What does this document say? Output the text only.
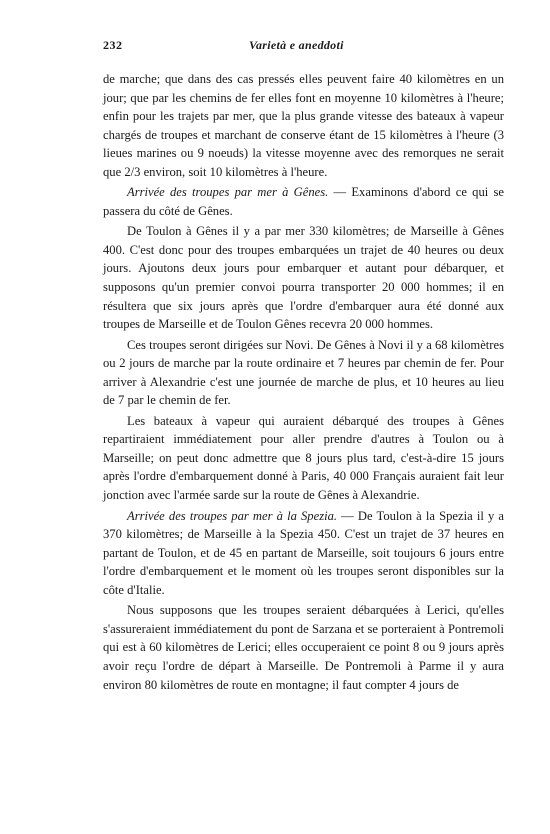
232	Varietà e aneddoti

de marche; que dans des cas pressés elles peuvent faire 40 kilomètres en un jour; que par les chemins de fer elles font en moyenne 10 kilomètres à l'heure; enfin pour les trajets par mer, que la plus grande vitesse des bateaux à vapeur chargés de troupes et marchant de conserve étant de 15 kilomètres à l'heure (3 lieues marines ou 9 noeuds) la vitesse moyenne avec des remorques ne serait que 2/3 environ, soit 10 kilomètres à l'heure.

Arrivée des troupes par mer à Gênes. — Examinons d'abord ce qui se passera du côté de Gênes.

De Toulon à Gênes il y a par mer 330 kilomètres; de Marseille à Gênes 400. C'est donc pour des troupes embarquées un trajet de 40 heures ou deux jours. Ajoutons deux jours pour embarquer et autant pour débarquer, et supposons qu'un premier convoi pourra transporter 20 000 hommes; il en résultera que six jours après que l'ordre d'embarquer aura été donné aux troupes de Marseille et de Toulon Gênes recevra 20 000 hommes.

Ces troupes seront dirigées sur Novi. De Gênes à Novi il y a 68 kilomètres ou 2 jours de marche par la route ordinaire et 7 heures par chemin de fer. Pour arriver à Alexandrie c'est une journée de marche de plus, et 10 heures au lieu de 7 par le chemin de fer.

Les bateaux à vapeur qui auraient débarqué des troupes à Gênes repartiraient immédiatement pour aller prendre d'autres à Toulon ou à Marseille; on peut donc admettre que 8 jours plus tard, c'est-à-dire 15 jours après l'ordre d'embarquement donné à Paris, 40 000 Français auraient fait leur jonction avec l'armée sarde sur la route de Gênes à Alexandrie.

Arrivée des troupes par mer à la Spezia. — De Toulon à la Spezia il y a 370 kilomètres; de Marseille à la Spezia 450. C'est un trajet de 37 heures en partant de Toulon, et de 45 en partant de Marseille, soit toujours 6 jours entre l'ordre d'embarquement et le moment où les troupes seront disponibles sur la côte d'Italie.

Nous supposons que les troupes seraient débarquées à Lerici, qu'elles s'assureraient immédiatement du pont de Sarzana et se porteraient à Pontremoli qui est à 60 kilomètres de Lerici; elles occuperaient ce point 8 ou 9 jours après avoir reçu l'ordre de départ à Marseille. De Pontremoli à Parme il y aura environ 80 kilomètres de route en montagne; il faut compter 4 jours de
